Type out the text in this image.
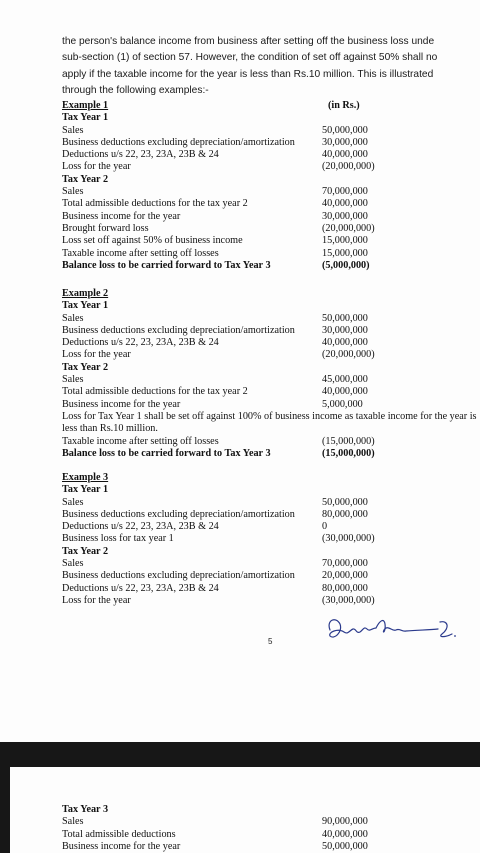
the person's balance income from business after setting off the business loss unde
sub-section (1) of section 57. However, the condition of set off against 50% shall no
apply if the taxable income for the year is less than Rs.10 million. This is illustrated
through the following examples:-
Example 1	(in Rs.)
Tax Year 1
Sales	50,000,000
Business deductions excluding depreciation/amortization	30,000,000
Deductions u/s 22, 23, 23A, 23B & 24	40,000,000
Loss for the year	(20,000,000)
Tax Year 2
Sales	70,000,000
Total admissible deductions for the tax year 2	40,000,000
Business income for the year	30,000,000
Brought forward loss	(20,000,000)
Loss set off against 50% of business income	15,000,000
Taxable income after setting off losses	15,000,000
Balance loss to be carried forward to Tax Year 3	(5,000,000)
Example 2
Tax Year 1
Sales	50,000,000
Business deductions excluding depreciation/amortization	30,000,000
Deductions u/s 22, 23, 23A, 23B & 24	40,000,000
Loss for the year	(20,000,000)
Tax Year 2
Sales	45,000,000
Total admissible deductions for the tax year 2	40,000,000
Business income for the year	5,000,000
Loss for Tax Year 1 shall be set off against 100% of business income as taxable income for the year is less than Rs.10 million.
Taxable income after setting off losses	(15,000,000)
Balance loss to be carried forward to Tax Year 3	(15,000,000)
Example 3
Tax Year 1
Sales	50,000,000
Business deductions excluding depreciation/amortization	80,000,000
Deductions u/s 22, 23, 23A, 23B & 24	0
Business loss for tax year 1	(30,000,000)
Tax Year 2
Sales	70,000,000
Business deductions excluding depreciation/amortization	20,000,000
Deductions u/s 22, 23, 23A, 23B & 24	80,000,000
Loss for the year	(30,000,000)
5
Tax Year 3
Sales	90,000,000
Total admissible deductions	40,000,000
Business income for the year	50,000,000
